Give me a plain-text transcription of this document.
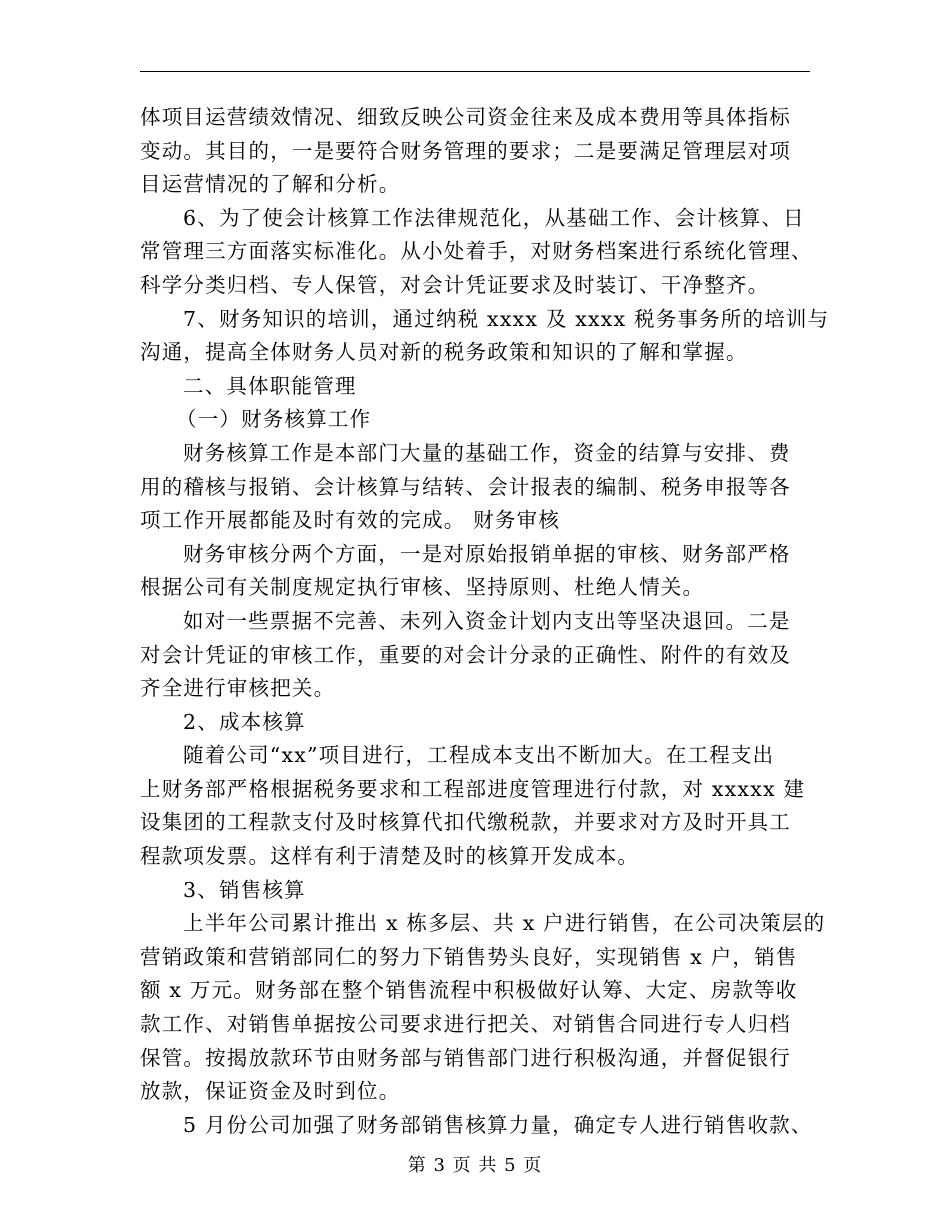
体项目运营绩效情况、细致反映公司资金往来及成本费用等具体指标
变动。其目的，一是要符合财务管理的要求；二是要满足管理层对项
目运营情况的了解和分析。
6、为了使会计核算工作法律规范化，从基础工作、会计核算、日
常管理三方面落实标准化。从小处着手，对财务档案进行系统化管理、
科学分类归档、专人保管，对会计凭证要求及时装订、干净整齐。
7、财务知识的培训，通过纳税 xxxx 及 xxxx 税务事务所的培训与
沟通，提高全体财务人员对新的税务政策和知识的了解和掌握。
二、具体职能管理
（一）财务核算工作
财务核算工作是本部门大量的基础工作，资金的结算与安排、费
用的稽核与报销、会计核算与结转、会计报表的编制、税务申报等各
项工作开展都能及时有效的完成。 财务审核
财务审核分两个方面，一是对原始报销单据的审核、财务部严格
根据公司有关制度规定执行审核、坚持原则、杜绝人情关。
如对一些票据不完善、未列入资金计划内支出等坚决退回。二是
对会计凭证的审核工作，重要的对会计分录的正确性、附件的有效及
齐全进行审核把关。
2、成本核算
随着公司“xx”项目进行，工程成本支出不断加大。在工程支出
上财务部严格根据税务要求和工程部进度管理进行付款，对 xxxxx 建
设集团的工程款支付及时核算代扣代缴税款，并要求对方及时开具工
程款项发票。这样有利于清楚及时的核算开发成本。
3、销售核算
上半年公司累计推出 x 栋多层、共 x 户进行销售，在公司决策层的
营销政策和营销部同仁的努力下销售势头良好，实现销售 x 户，销售
额 x 万元。财务部在整个销售流程中积极做好认筹、大定、房款等收
款工作、对销售单据按公司要求进行把关、对销售合同进行专人归档
保管。按揭放款环节由财务部与销售部门进行积极沟通，并督促银行
放款，保证资金及时到位。
5 月份公司加强了财务部销售核算力量，确定专人进行销售收款、
第 3 页 共 5 页
